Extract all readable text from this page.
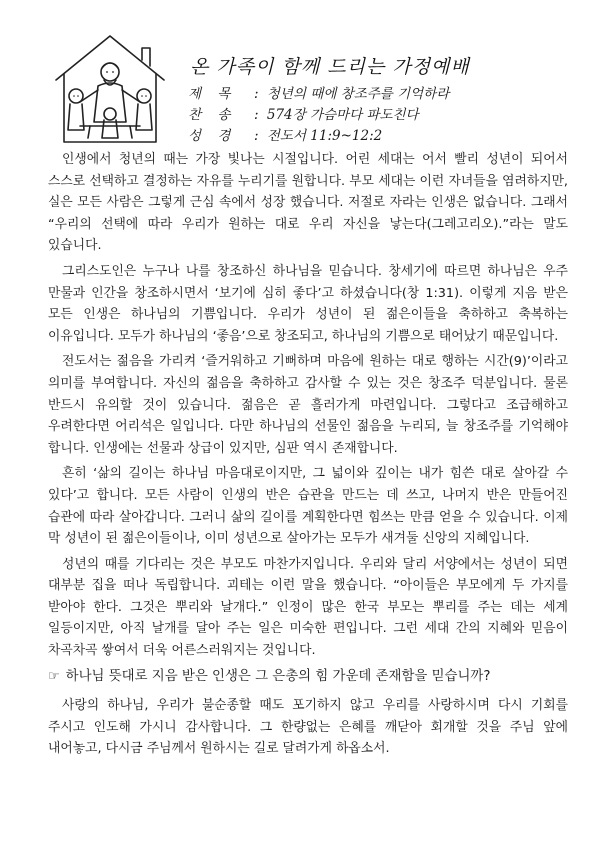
온 가족이 함께 드리는 가정예배
제 목 : 청년의 때에 창조주를 기억하라
찬 송 : 574장 가슴마다 파도친다
성 경 : 전도서 11:9~12:2

인생에서 청년의 때는 가장 빛나는 시절입니다. 어린 세대는 어서 빨리 성년이 되어서 스스로 선택하고 결정하는 자유를 누리기를 원합니다. 부모 세대는 이런 자녀들을 염려하지만, 실은 모든 사람은 그렇게 근심 속에서 성장 했습니다. 저절로 자라는 인생은 없습니다. 그래서 “우리의 선택에 따라 우리가 원하는 대로 우리 자신을 낳는다(그레고리오).”라는 말도 있습니다.

그리스도인은 누구나 나를 창조하신 하나님을 믿습니다. 창세기에 따르면 하나님은 우주 만물과 인간을 창조하시면서 ‘보기에 심히 좋다’고 하셨습니다(창 1:31). 이렇게 지음 받은 모든 인생은 하나님의 기쁨입니다. 우리가 성년이 된 젊은이들을 축하하고 축복하는 이유입니다. 모두가 하나님의 ‘좋음’으로 창조되고, 하나님의 기쁨으로 태어났기 때문입니다.

전도서는 젊음을 가리켜 ‘즐거워하고 기뻐하며 마음에 원하는 대로 행하는 시간(9)’이라고 의미를 부여합니다. 자신의 젊음을 축하하고 감사할 수 있는 것은 창조주 덕분입니다. 물론 반드시 유의할 것이 있습니다. 젊음은 곧 흘러가게 마련입니다. 그렇다고 조급해하고 우려한다면 어리석은 일입니다. 다만 하나님의 선물인 젊음을 누리되, 늘 창조주를 기억해야 합니다. 인생에는 선물과 상급이 있지만, 심판 역시 존재합니다.

흔히 ‘삶의 길이는 하나님 마음대로이지만, 그 넓이와 깊이는 내가 힘쓴 대로 살아갈 수 있다’고 합니다. 모든 사람이 인생의 반은 습관을 만드는 데 쓰고, 나머지 반은 만들어진 습관에 따라 살아갑니다. 그러니 삶의 길이를 계획한다면 힘쓰는 만큼 얻을 수 있습니다. 이제 막 성년이 된 젊은이들이나, 이미 성년으로 살아가는 모두가 새겨둘 신앙의 지혜입니다.

성년의 때를 기다리는 것은 부모도 마찬가지입니다. 우리와 달리 서양에서는 성년이 되면 대부분 집을 떠나 독립합니다. 괴테는 이런 말을 했습니다. “아이들은 부모에게 두 가지를 받아야 한다. 그것은 뿌리와 날개다.” 인정이 많은 한국 부모는 뿌리를 주는 데는 세계 일등이지만, 아직 날개를 달아 주는 일은 미숙한 편입니다. 그런 세대 간의 지혜와 믿음이 차곡차곡 쌓여서 더욱 어른스러워지는 것입니다.

☞ 하나님 뜻대로 지음 받은 인생은 그 은총의 힘 가운데 존재함을 믿습니까?

사랑의 하나님, 우리가 불순종할 때도 포기하지 않고 우리를 사랑하시며 다시 기회를 주시고 인도해 가시니 감사합니다. 그 한량없는 은혜를 깨닫아 회개할 것을 주님 앞에 내어놓고, 다시금 주님께서 원하시는 길로 달려가게 하옵소서.
